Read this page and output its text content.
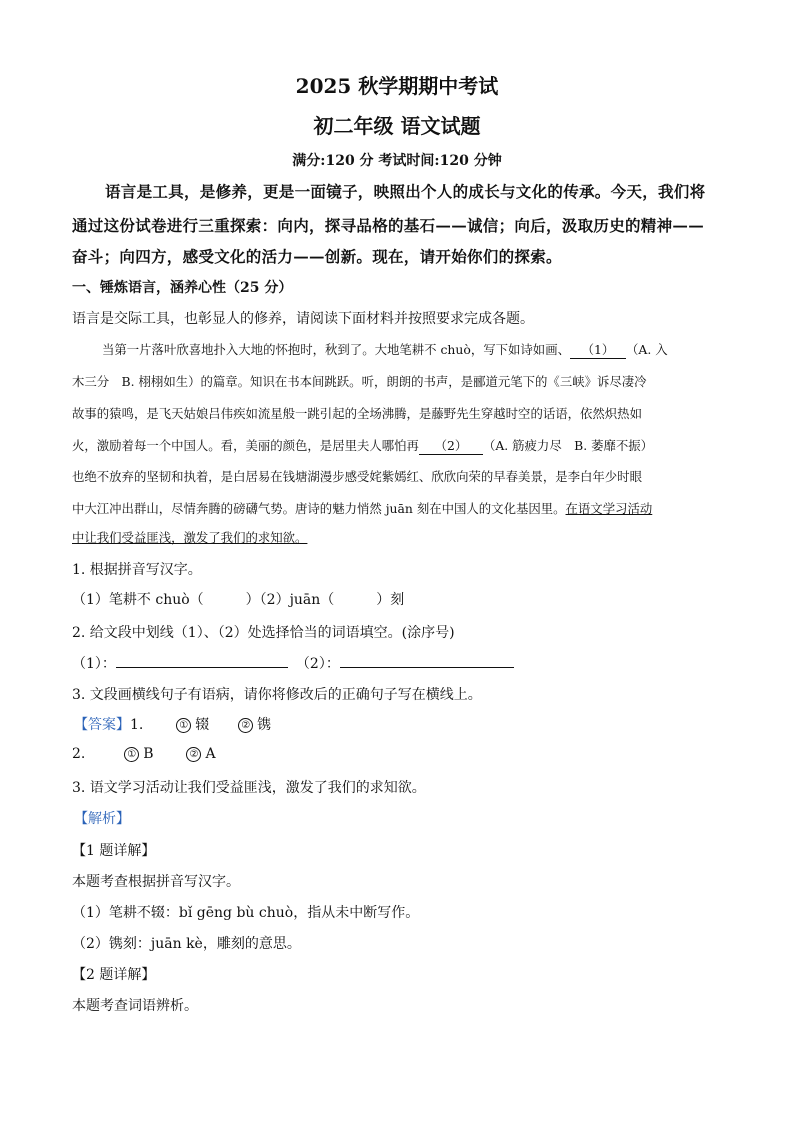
2025 秋学期期中考试
初二年级 语文试题
满分:120 分 考试时间:120 分钟
语言是工具，是修养，更是一面镜子，映照出个人的成长与文化的传承。今天，我们将
通过这份试卷进行三重探索：向内，探寻品格的基石——诚信；向后，汲取历史的精神——
奋斗；向四方，感受文化的活力——创新。现在，请开始你们的探索。
一、锤炼语言，涵养心性（25 分）
语言是交际工具，也彰显人的修养，请阅读下面材料并按照要求完成各题。
当第一片落叶欣喜地扑入大地的怀抱时，秋到了。大地笔耕不 chuò，写下如诗如画、 （1） （A. 入
木三分　B. 栩栩如生）的篇章。知识在书本间跳跃。听，朗朗的书声，是郦道元笔下的《三峡》诉尽凄冷
故事的猿鸣，是飞天姑娘吕伟疾如流星般一跳引起的全场沸腾，是藤野先生穿越时空的话语，依然炽热如
火，激励着每一个中国人。看，美丽的颜色，是居里夫人哪怕再 （2） （A. 筋疲力尽　B. 萎靡不振）
也绝不放弃的坚韧和执着，是白居易在钱塘湖漫步感受姹紫嫣红、欣欣向荣的早春美景，是李白年少时眼
中大江冲出群山，尽情奔腾的磅礴气势。唐诗的魅力悄然 juān 刻在中国人的文化基因里。在语文学习活动
中让我们受益匪浅，激发了我们的求知欲。
1. 根据拼音写汉字。
（1）笔耕不 chuò（　　　）（2）juān（　　　）刻
2. 给文段中划线（1）、（2）处选择恰当的词语填空。(涂序号)
（1）：	（2）：
3. 文段画横线句子有语病，请你将修改后的正确句子写在横线上。
【答案】1.	① 辍	② 镌
2.	① B	② A
3. 语文学习活动让我们受益匪浅，激发了我们的求知欲。
【解析】
【1 题详解】
本题考查根据拼音写汉字。
（1）笔耕不辍：bǐ gēng bù chuò，指从未中断写作。
（2）镌刻：juān kè，雕刻的意思。
【2 题详解】
本题考查词语辨析。
